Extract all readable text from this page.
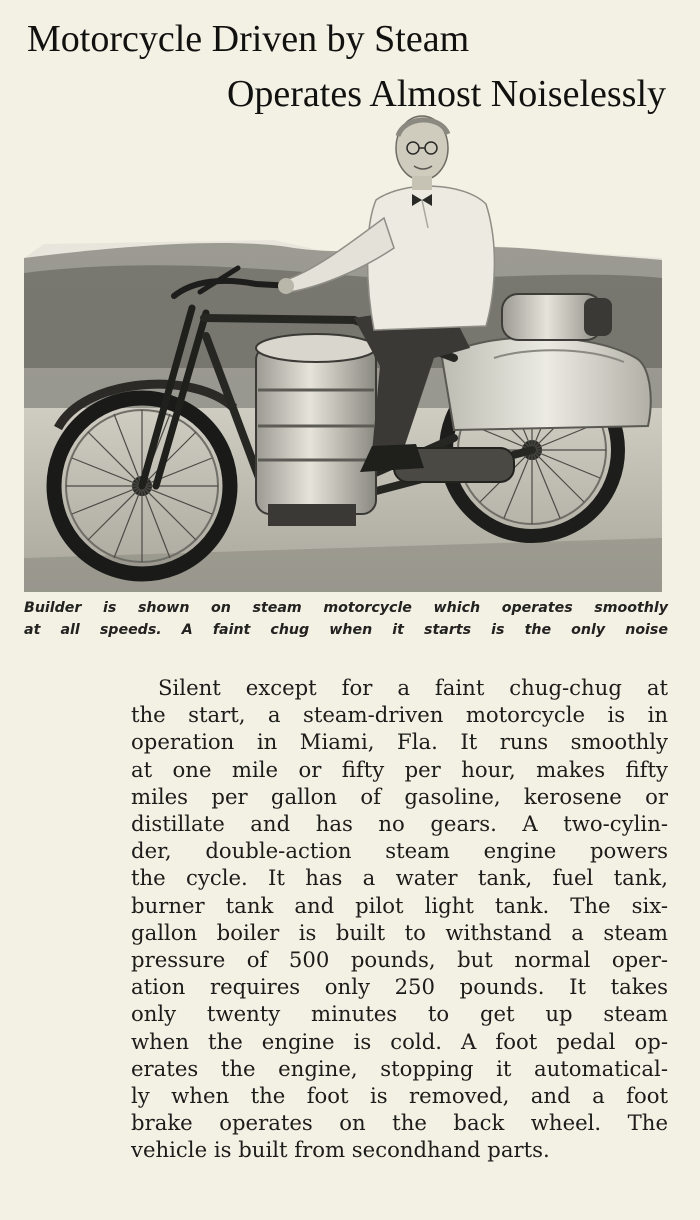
Motorcycle Driven by Steam
Operates Almost Noiselessly

Builder is shown on steam motorcycle which operates smoothly
at all speeds. A faint chug when it starts is the only noise

Silent except for a faint chug-chug at
the start, a steam-driven motorcycle is in
operation in Miami, Fla. It runs smoothly
at one mile or fifty per hour, makes fifty
miles per gallon of gasoline, kerosene or
distillate and has no gears. A two-cylin-
der, double-action steam engine powers
the cycle. It has a water tank, fuel tank,
burner tank and pilot light tank. The six-
gallon boiler is built to withstand a steam
pressure of 500 pounds, but normal oper-
ation requires only 250 pounds. It takes
only twenty minutes to get up steam
when the engine is cold. A foot pedal op-
erates the engine, stopping it automatical-
ly when the foot is removed, and a foot
brake operates on the back wheel. The
vehicle is built from secondhand parts.
